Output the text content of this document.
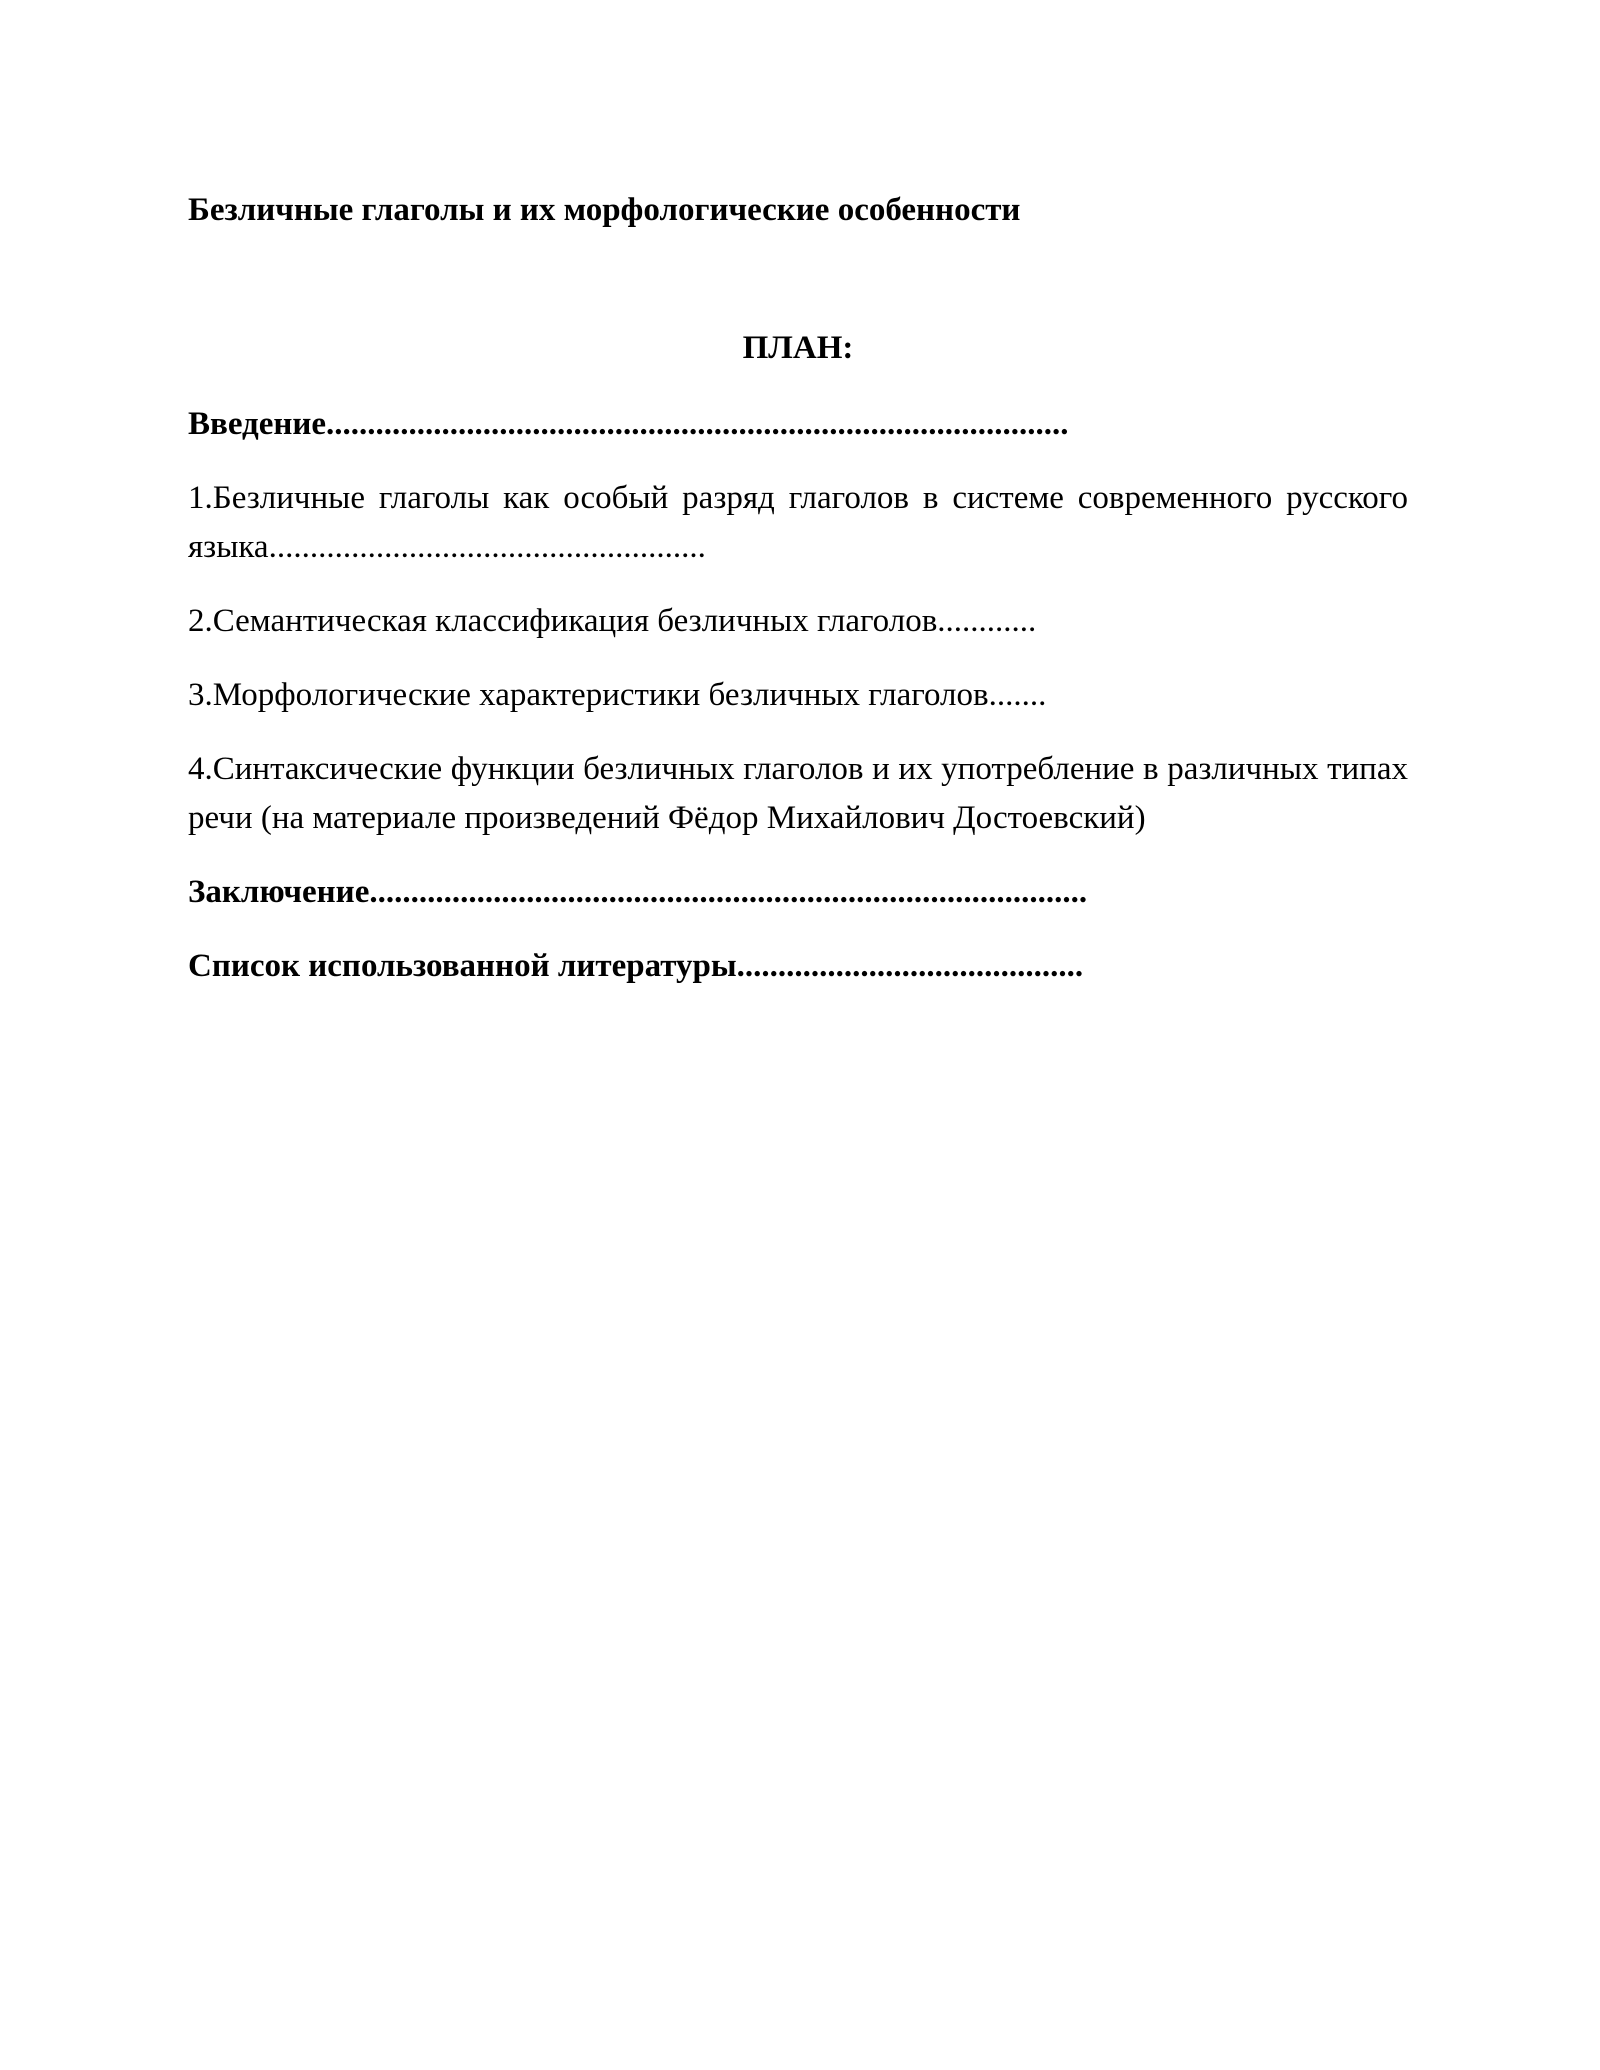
Безличные глаголы и их морфологические особенности

ПЛАН:

Введение..........................................................................................
1.Безличные глаголы как особый разряд глаголов в системе современного русского языка.....................................................
2.Семантическая классификация безличных глаголов............
3.Морфологические характеристики безличных глаголов.......
4.Синтаксические функции безличных глаголов и их употребление в различных типах речи (на материале произведений Фёдор Михайлович Достоевский)
Заключение.......................................................................................
Список использованной литературы..........................................
